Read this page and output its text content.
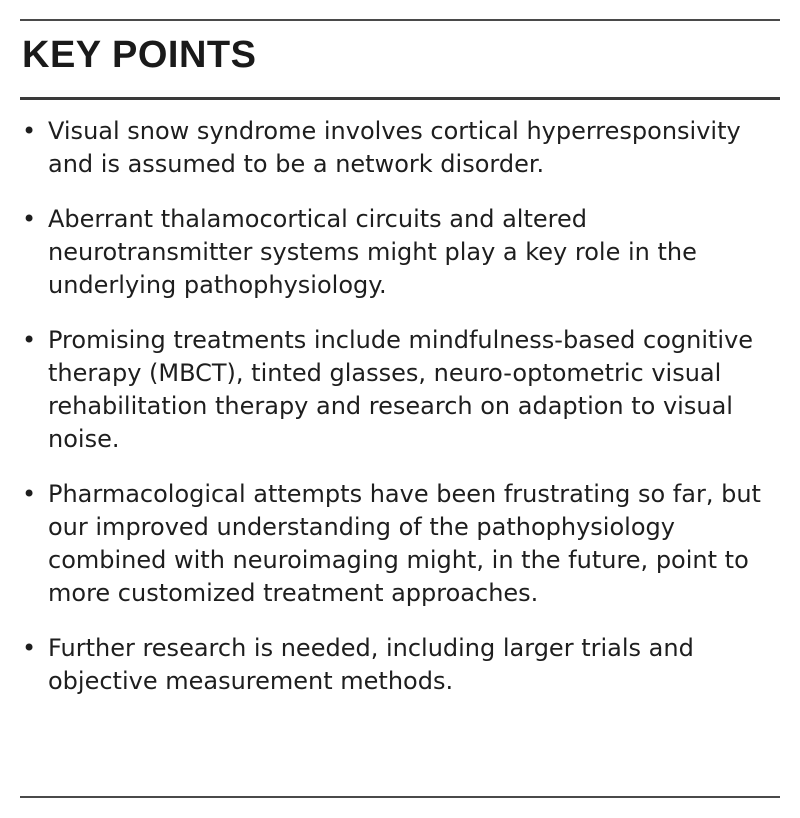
KEY POINTS
• Visual snow syndrome involves cortical hyperresponsivity and is assumed to be a network disorder.
• Aberrant thalamocortical circuits and altered neurotransmitter systems might play a key role in the underlying pathophysiology.
• Promising treatments include mindfulness-based cognitive therapy (MBCT), tinted glasses, neuro-optometric visual rehabilitation therapy and research on adaption to visual noise.
• Pharmacological attempts have been frustrating so far, but our improved understanding of the pathophysiology combined with neuroimaging might, in the future, point to more customized treatment approaches.
• Further research is needed, including larger trials and objective measurement methods.
